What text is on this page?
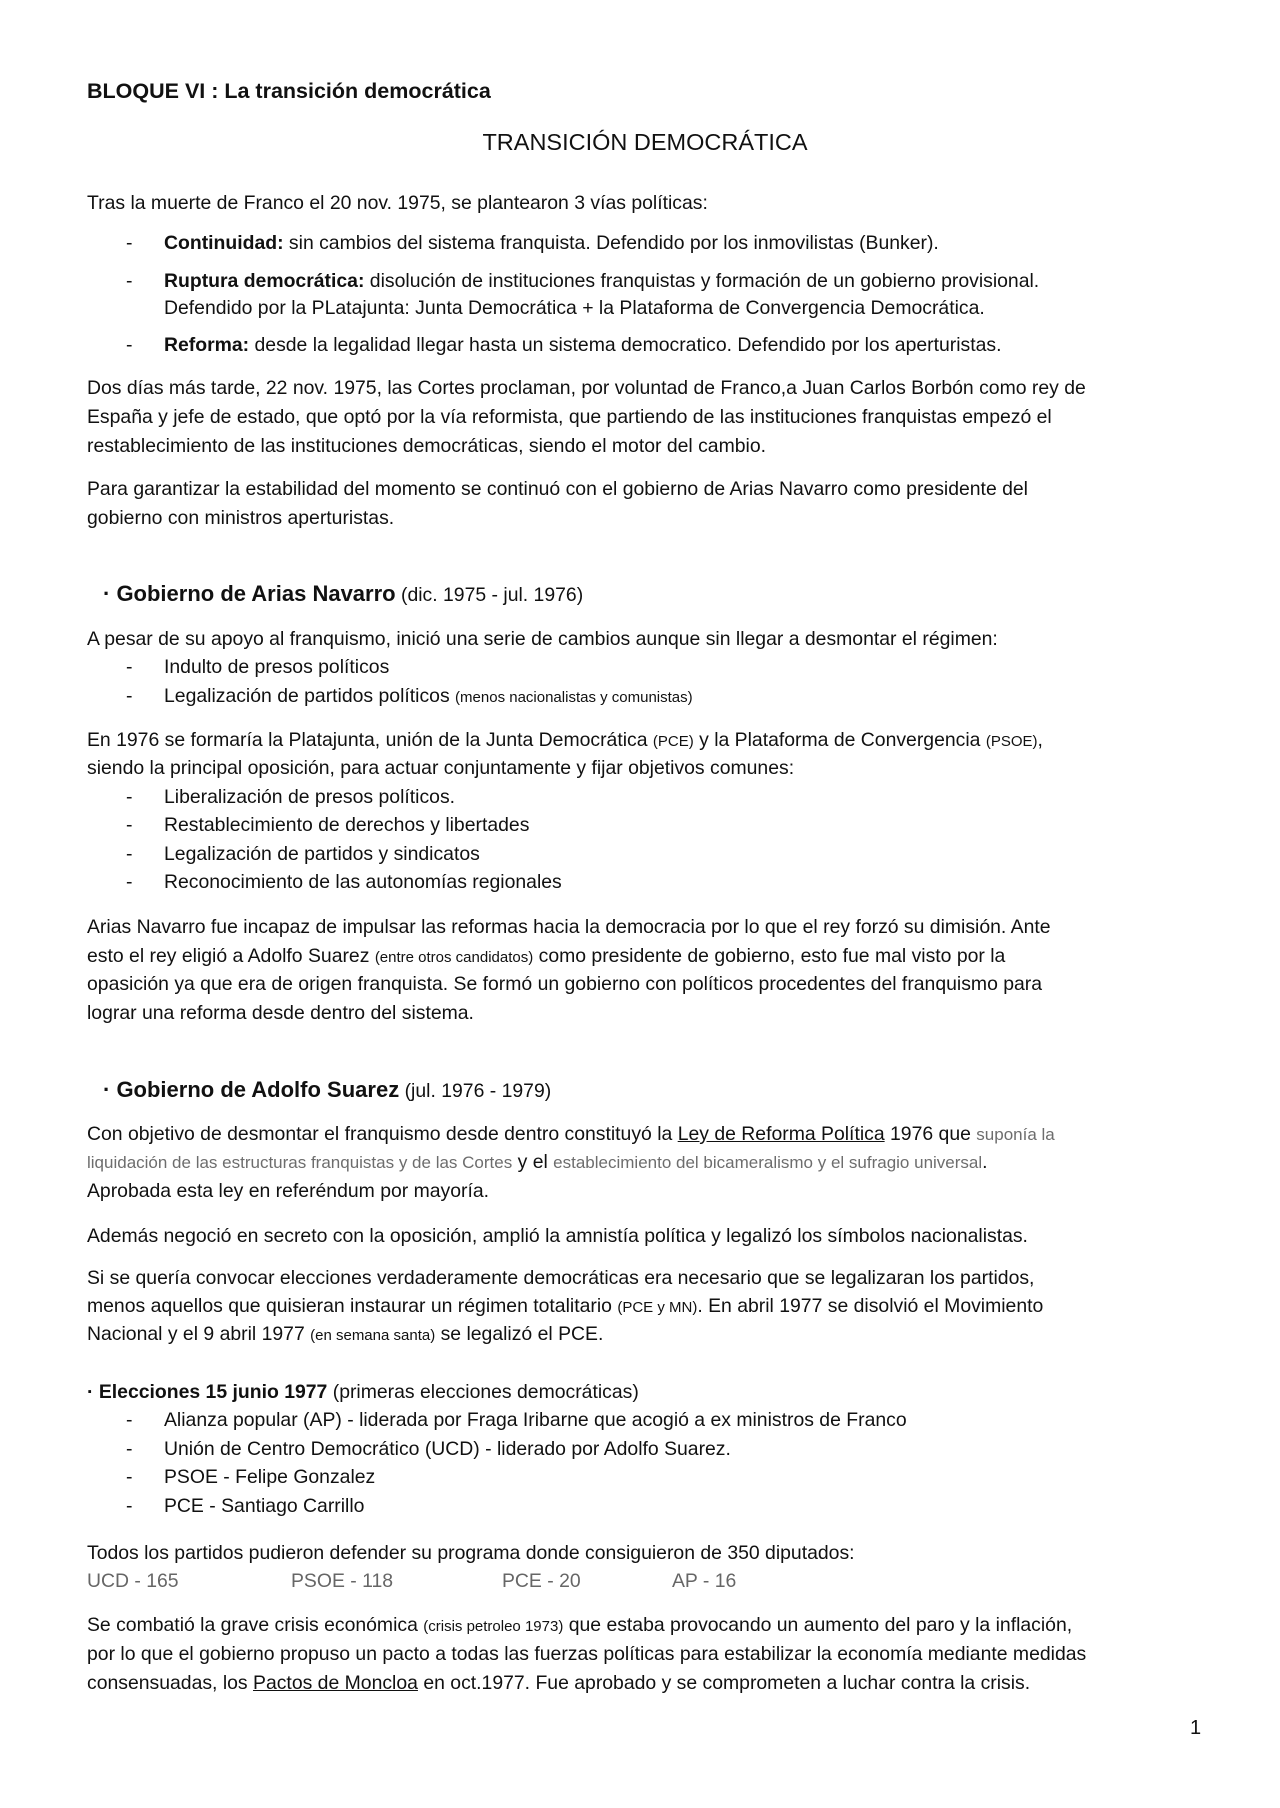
BLOQUE VI : La transición democrática
TRANSICIÓN DEMOCRÁTICA
Tras la muerte de Franco el 20 nov. 1975, se plantearon 3 vías políticas:
- Continuidad: sin cambios del sistema franquista. Defendido por los inmovilistas (Bunker).
- Ruptura democrática: disolución de instituciones franquistas y formación de un gobierno provisional.
Defendido por la PLatajunta: Junta Democrática + la Plataforma de Convergencia Democrática.
- Reforma: desde la legalidad llegar hasta un sistema democratico. Defendido por los aperturistas.
Dos días más tarde, 22 nov. 1975, las Cortes proclaman, por voluntad de Franco,a Juan Carlos Borbón como rey de
España y jefe de estado, que optó por la vía reformista, que partiendo de las instituciones franquistas empezó el
restablecimiento de las instituciones democráticas, siendo el motor del cambio.
Para garantizar la estabilidad del momento se continuó con el gobierno de Arias Navarro como presidente del
gobierno con ministros aperturistas.
· Gobierno de Arias Navarro (dic. 1975 - jul. 1976)
A pesar de su apoyo al franquismo, inició una serie de cambios aunque sin llegar a desmontar el régimen:
- Indulto de presos políticos
- Legalización de partidos políticos (menos nacionalistas y comunistas)
En 1976 se formaría la Platajunta, unión de la Junta Democrática (PCE) y la Plataforma de Convergencia (PSOE),
siendo la principal oposición, para actuar conjuntamente y fijar objetivos comunes:
- Liberalización de presos políticos.
- Restablecimiento de derechos y libertades
- Legalización de partidos y sindicatos
- Reconocimiento de las autonomías regionales
Arias Navarro fue incapaz de impulsar las reformas hacia la democracia por lo que el rey forzó su dimisión. Ante
esto el rey eligió a Adolfo Suarez (entre otros candidatos) como presidente de gobierno, esto fue mal visto por la
opasición ya que era de origen franquista. Se formó un gobierno con políticos procedentes del franquismo para
lograr una reforma desde dentro del sistema.
· Gobierno de Adolfo Suarez (jul. 1976 - 1979)
Con objetivo de desmontar el franquismo desde dentro constituyó la Ley de Reforma Política 1976 que suponía la
liquidación de las estructuras franquistas y de las Cortes y el establecimiento del bicameralismo y el sufragio universal.
Aprobada esta ley en referéndum por mayoría.
Además negoció en secreto con la oposición, amplió la amnistía política y legalizó los símbolos nacionalistas.
Si se quería convocar elecciones verdaderamente democráticas era necesario que se legalizaran los partidos,
menos aquellos que quisieran instaurar un régimen totalitario (PCE y MN). En abril 1977 se disolvió el Movimiento
Nacional y el 9 abril 1977 (en semana santa) se legalizó el PCE.
· Elecciones 15 junio 1977 (primeras elecciones democráticas)
- Alianza popular (AP) - liderada por Fraga Iribarne que acogió a ex ministros de Franco
- Unión de Centro Democrático (UCD) - liderado por Adolfo Suarez.
- PSOE - Felipe Gonzalez
- PCE - Santiago Carrillo
Todos los partidos pudieron defender su programa donde consiguieron de 350 diputados:
UCD - 165	PSOE - 118	PCE - 20	AP - 16
Se combatió la grave crisis económica (crisis petroleo 1973) que estaba provocando un aumento del paro y la inflación,
por lo que el gobierno propuso un pacto a todas las fuerzas políticas para estabilizar la economía mediante medidas
consensuadas, los Pactos de Moncloa en oct.1977. Fue aprobado y se comprometen a luchar contra la crisis.
1
